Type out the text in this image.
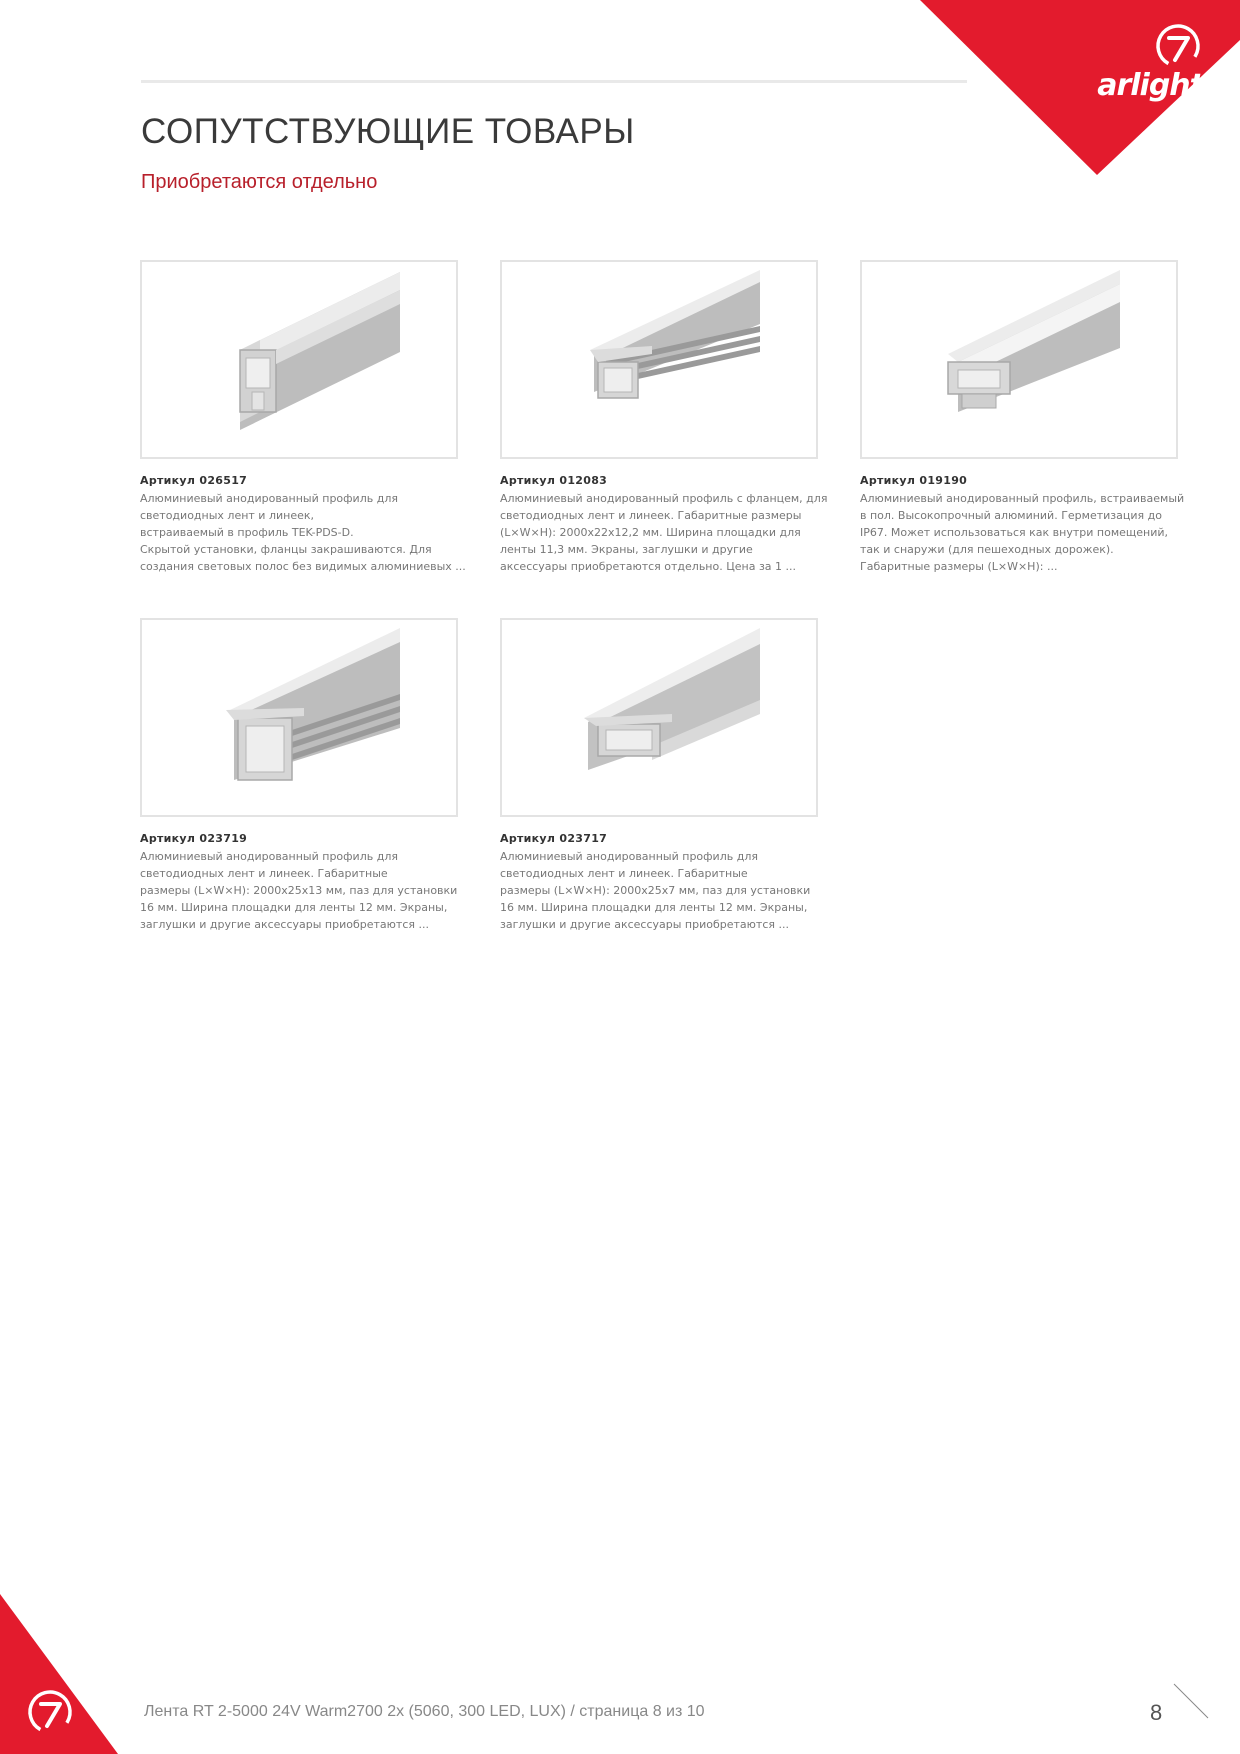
arlight®
СОПУТСТВУЮЩИЕ ТОВАРЫ

Приобретаются отдельно

Артикул 026517
Алюминиевый анодированный профиль для
светодиодных лент и линеек,
встраиваемый в профиль TEK-PDS-D.
Скрытой установки, фланцы закрашиваются. Для
создания световых полос без видимых алюминиевых ...
Артикул 012083
Алюминиевый анодированный профиль с фланцем, для
светодиодных лент и линеек. Габаритные размеры
(L×W×H): 2000x22x12,2 мм. Ширина площадки для
ленты 11,3 мм. Экраны, заглушки и другие
аксессуары приобретаются отдельно. Цена за 1 ...
Артикул 019190
Алюминиевый анодированный профиль, встраиваемый
в пол. Высокопрочный алюминий. Герметизация до
IP67. Может использоваться как внутри помещений,
так и снаружи (для пешеходных дорожек).
Габаритные размеры (L×W×H): ...
Артикул 023719
Алюминиевый анодированный профиль для
светодиодных лент и линеек. Габаритные
размеры (L×W×H): 2000x25x13 мм, паз для установки
16 мм. Ширина площадки для ленты 12 мм. Экраны,
заглушки и другие аксессуары приобретаются ...
Артикул 023717
Алюминиевый анодированный профиль для
светодиодных лент и линеек. Габаритные
размеры (L×W×H): 2000x25x7 мм, паз для установки
16 мм. Ширина площадки для ленты 12 мм. Экраны,
заглушки и другие аксессуары приобретаются ...
Лента RT 2-5000 24V Warm2700 2x (5060, 300 LED, LUX) / страница 8 из 10	8
